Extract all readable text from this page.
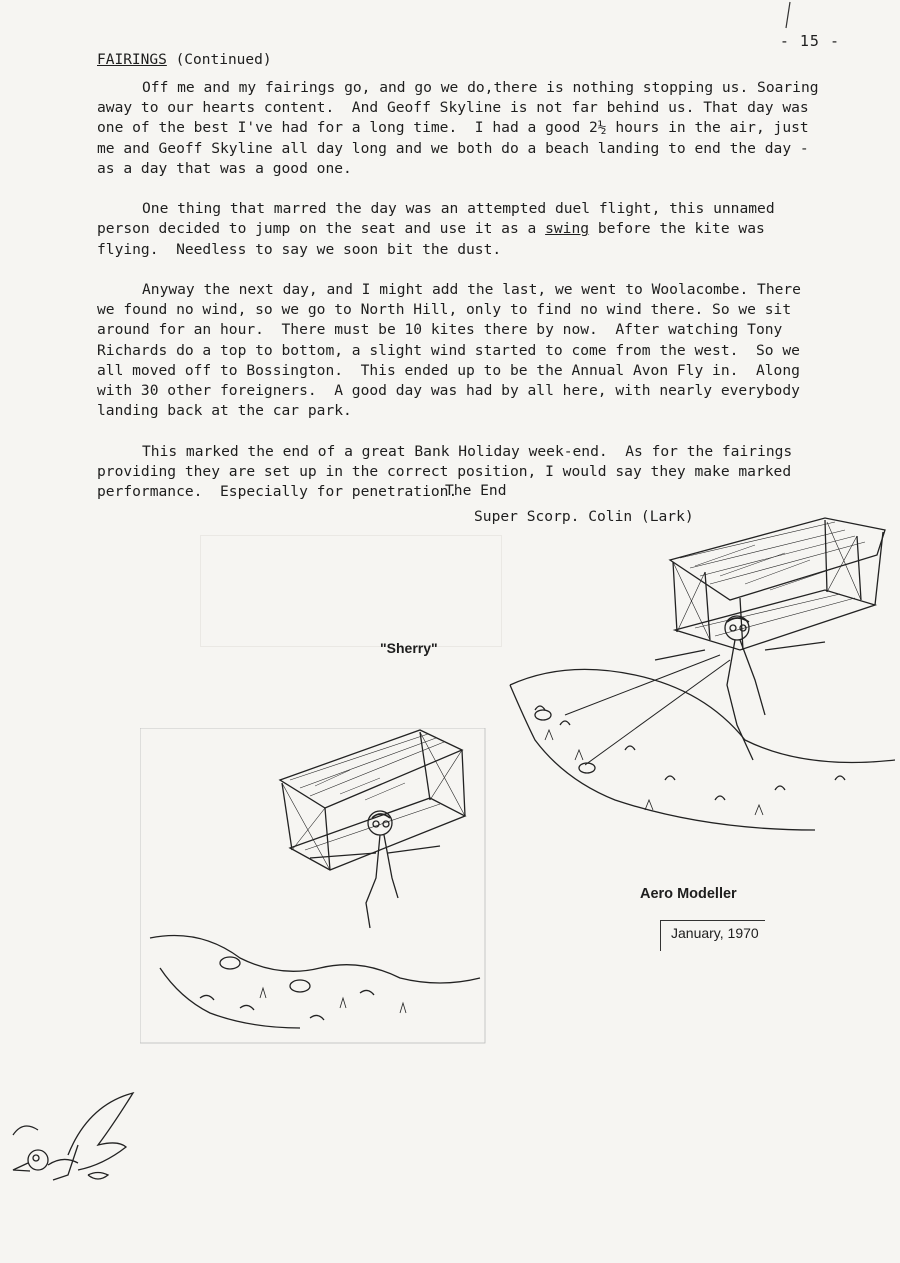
- 15 -
FAIRINGS (Continued)

Off me and my fairings go, and go we do,there is nothing stopping us. Soaring away to our hearts content.  And Geoff Skyline is not far behind us. That day was one of the best I've had for a long time.  I had a good 2½ hours in the air, just me and Geoff Skyline all day long and we both do a beach landing to end the day - as a day that was a good one.

One thing that marred the day was an attempted duel flight, this unnamed person decided to jump on the seat and use it as a swing before the kite was flying.  Needless to say we soon bit the dust.

Anyway the next day, and I might add the last, we went to Woolacombe. There we found no wind, so we go to North Hill, only to find no wind there. So we sit around for an hour.  There must be 10 kites there by now.  After watching Tony Richards do a top to bottom, a slight wind started to come from the west.  So we all moved off to Bossington.  This ended up to be the Annual Avon Fly in.  Along with 30 other foreigners.  A good day was had by all here, with nearly everybody landing back at the car park.

This marked the end of a great Bank Holiday week-end.  As for the fairings providing they are set up in the correct position, I would say they make marked performance.  Especially for penetration.

The End
Super Scorp. Colin (Lark)
"Sherry"
Aero Modeller
January, 1970
